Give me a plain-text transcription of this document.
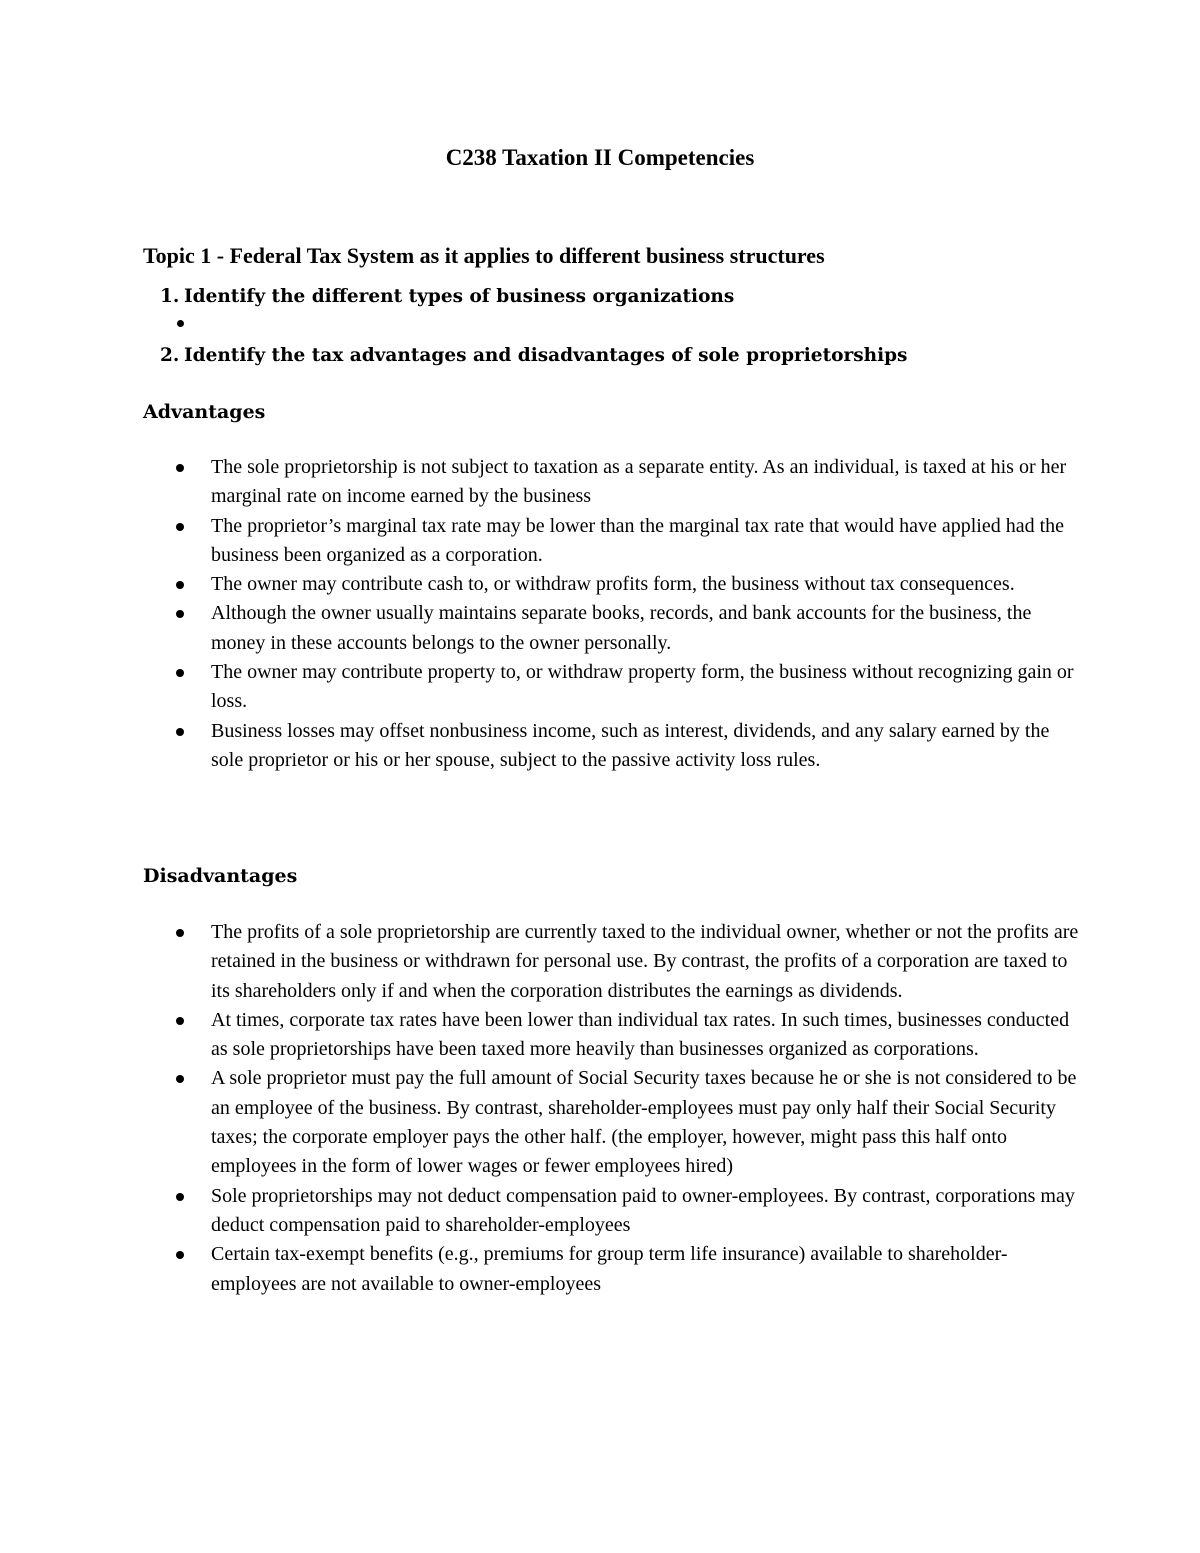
C238 Taxation II Competencies
Topic 1 - Federal Tax System as it applies to different business structures
1. Identify the different types of business organizations
2. Identify the tax advantages and disadvantages of sole proprietorships
Advantages
The sole proprietorship is not subject to taxation as a separate entity. As an individual, is taxed at his or her marginal rate on income earned by the business
The proprietor’s marginal tax rate may be lower than the marginal tax rate that would have applied had the business been organized as a corporation.
The owner may contribute cash to, or withdraw profits form, the business without tax consequences.
Although the owner usually maintains separate books, records, and bank accounts for the business, the money in these accounts belongs to the owner personally.
The owner may contribute property to, or withdraw property form, the business without recognizing gain or loss.
Business losses may offset nonbusiness income, such as interest, dividends, and any salary earned by the sole proprietor or his or her spouse, subject to the passive activity loss rules.
Disadvantages
The profits of a sole proprietorship are currently taxed to the individual owner, whether or not the profits are retained in the business or withdrawn for personal use. By contrast, the profits of a corporation are taxed to its shareholders only if and when the corporation distributes the earnings as dividends.
At times, corporate tax rates have been lower than individual tax rates. In such times, businesses conducted as sole proprietorships have been taxed more heavily than businesses organized as corporations.
A sole proprietor must pay the full amount of Social Security taxes because he or she is not considered to be an employee of the business. By contrast, shareholder-employees must pay only half their Social Security taxes; the corporate employer pays the other half. (the employer, however, might pass this half onto employees in the form of lower wages or fewer employees hired)
Sole proprietorships may not deduct compensation paid to owner-employees. By contrast, corporations may deduct compensation paid to shareholder-employees
Certain tax-exempt benefits (e.g., premiums for group term life insurance) available to shareholder-employees are not available to owner-employees
